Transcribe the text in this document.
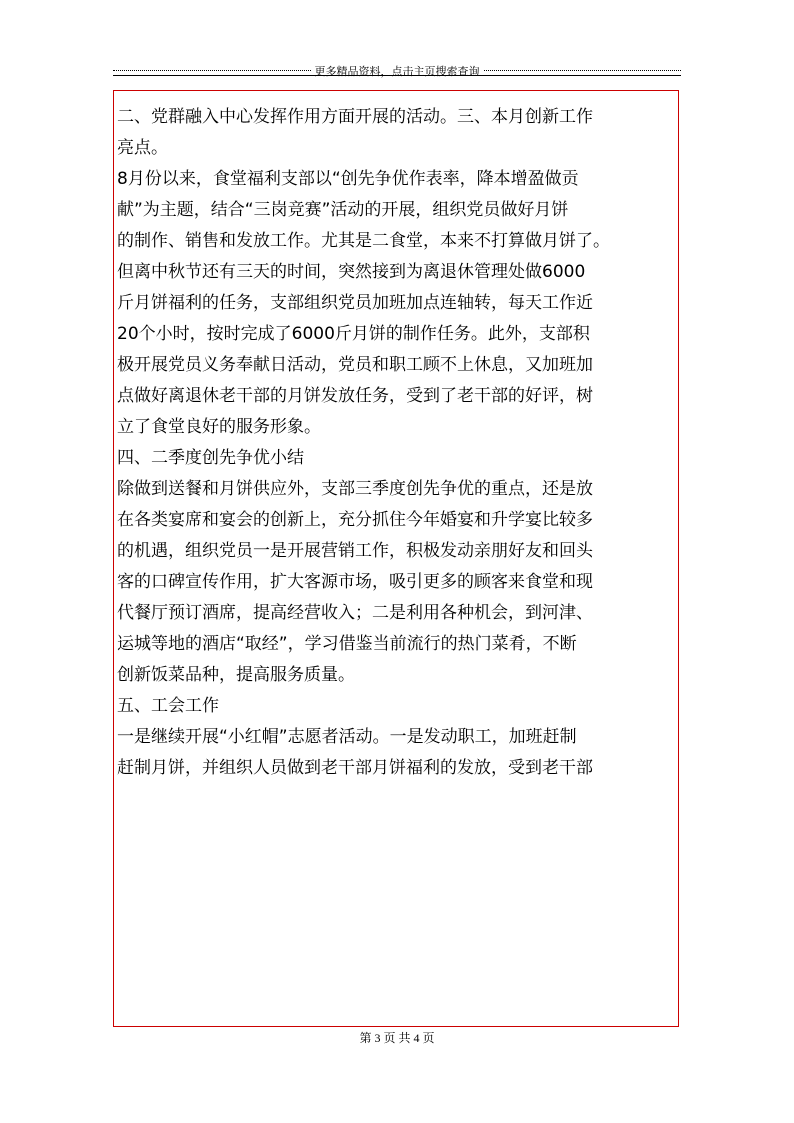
更多精品资料，点击主页搜索查询
二、党群融入中心发挥作用方面开展的活动。三、本月创新工作
亮点。
8月份以来，食堂福利支部以“创先争优作表率，降本增盈做贡
献”为主题，结合“三岗竞赛”活动的开展，组织党员做好月饼
的制作、销售和发放工作。尤其是二食堂，本来不打算做月饼了。
但离中秋节还有三天的时间，突然接到为离退休管理处做6000
斤月饼福利的任务，支部组织党员加班加点连轴转，每天工作近
20个小时，按时完成了6000斤月饼的制作任务。此外，支部积
极开展党员义务奉献日活动，党员和职工顾不上休息，又加班加
点做好离退休老干部的月饼发放任务，受到了老干部的好评，树
立了食堂良好的服务形象。
四、二季度创先争优小结
除做到送餐和月饼供应外，支部三季度创先争优的重点，还是放
在各类宴席和宴会的创新上，充分抓住今年婚宴和升学宴比较多
的机遇，组织党员一是开展营销工作，积极发动亲朋好友和回头
客的口碑宣传作用，扩大客源市场，吸引更多的顾客来食堂和现
代餐厅预订酒席，提高经营收入；二是利用各种机会，到河津、
运城等地的酒店“取经”，学习借鉴当前流行的热门菜肴，不断
创新饭菜品种，提高服务质量。
五、工会工作
一是继续开展“小红帽”志愿者活动。一是发动职工，加班赶制
赶制月饼，并组织人员做到老干部月饼福利的发放，受到老干部
第 3 页 共 4 页
